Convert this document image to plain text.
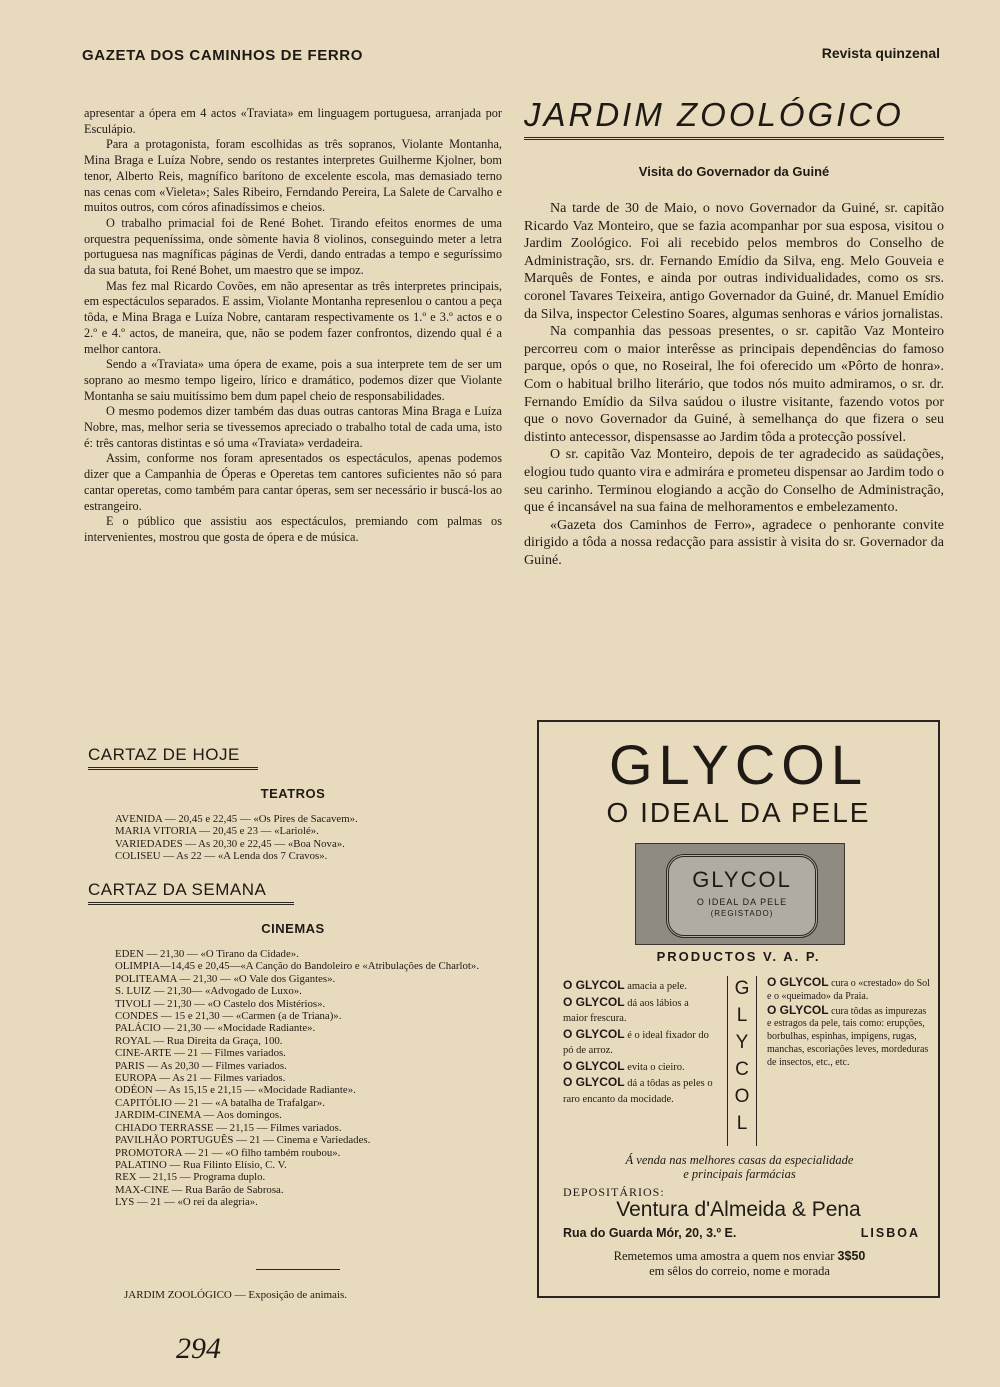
GAZETA DOS CAMINHOS DE FERRO	Revista quinzenal

apresentar a ópera em 4 actos «Traviata» em linguagem portuguesa, arranjada por Esculápio.

Para a protagonista, foram escolhidas as três sopranos, Violante Montanha, Mina Braga e Luíza Nobre, sendo os restantes interpretes Guilherme Kjolner, bom tenor, Alberto Reis, magnífico barítono de excelente escola, mas demasiado terno nas cenas com «Vieleta»; Sales Ribeiro, Ferndando Pereira, La Salete de Carvalho e muitos outros, com córos afinadíssimos e cheios.

O trabalho primacial foi de René Bohet. Tirando efeitos enormes de uma orquestra pequeníssima, onde sòmente havia 8 violinos, conseguindo meter a letra portuguesa nas magníficas páginas de Verdi, dando entradas a tempo e seguríssimo da sua batuta, foi René Bohet, um maestro que se impoz.

Mas fez mal Ricardo Covões, em não apresentar as três interpretes principais, em espectáculos separados. E assim, Violante Montanha represenlou o cantou a peça tôda, e Mina Braga e Luíza Nobre, cantaram respectivamente os 1.º e 3.º actos e o 2.º e 4.º actos, de maneira, que, não se podem fazer confrontos, dizendo qual é a melhor cantora.

Sendo a «Traviata» uma ópera de exame, pois a sua interprete tem de ser um soprano ao mesmo tempo ligeiro, lírico e dramático, podemos dizer que Violante Montanha se saiu muitíssimo bem dum papel cheio de responsabilidades.

O mesmo podemos dizer também das duas outras cantoras Mina Braga e Luíza Nobre, mas, melhor seria se tivessemos apreciado o trabalho total de cada uma, isto é: três cantoras distintas e só uma «Traviata» verdadeira.

Assim, conforme nos foram apresentados os espectáculos, apenas podemos dizer que a Campanhia de Óperas e Operetas tem cantores suficientes não só para cantar operetas, como também para cantar óperas, sem ser necessário ir buscá-los ao estrangeiro.

E o público que assistiu aos espectáculos, premiando com palmas os intervenientes, mostrou que gosta de ópera e de música.

CARTAZ DE HOJE
TEATROS
AVENIDA — 20,45 e 22,45 — «Os Pires de Sacavem».
MARIA VITORIA — 20,45 e 23 — «Lariolé».
VARIEDADES — As 20,30 e 22,45 — «Boa Nova».
COLISEU — As 22 — «A Lenda dos 7 Cravos».
CARTAZ DA SEMANA
CINEMAS
EDEN — 21,30 — «O Tirano da Cidade».
OLIMPIA—14,45 e 20,45—«A Canção do Bandoleiro e «Atribulações de Charlot».
POLITEAMA — 21,30 — «O Vale dos Gigantes».
S. LUIZ — 21,30— «Advogado de Luxo».
TIVOLI — 21,30 — «O Castelo dos Mistérios».
CONDES — 15 e 21,30 — «Carmen (a de Triana)».
PALÁCIO — 21,30 — «Mocidade Radiante».
ROYAL — Rua Direita da Graça, 100.
CINE-ARTE — 21 — Filmes variados.
PARIS — As 20,30 — Filmes variados.
EUROPA — As 21 — Filmes variados.
ODÉON — As 15,15 e 21,15 — «Mocidade Radiante».
CAPITÓLIO — 21 — «A batalha de Trafalgar».
JARDIM-CINEMA — Aos domingos.
CHIADO TERRASSE — 21,15 — Filmes variados.
PAVILHÃO PORTUGUÊS — 21 — Cinema e Variedades.
PROMOTORA — 21 — «O filho também roubou».
PALATINO — Rua Filinto Elísio, C. V.
REX — 21,15 — Programa duplo.
MAX-CINE — Rua Barão de Sabrosa.
LYS — 21 — «O rei da alegria».
JARDIM ZOOLÓGICO — Exposição de animais.
294
JARDIM ZOOLÓGICO
Visita do Governador da Guiné

Na tarde de 30 de Maio, o novo Governador da Guiné, sr. capitão Ricardo Vaz Monteiro, que se fazia acompanhar por sua esposa, visitou o Jardim Zoológico. Foi ali recebido pelos membros do Conselho de Administração, srs. dr. Fernando Emídio da Silva, eng. Melo Gouveia e Marquês de Fontes, e ainda por outras individualidades, como os srs. coronel Tavares Teixeira, antigo Governador da Guiné, dr. Manuel Emídio da Silva, inspector Celestino Soares, algumas senhoras e vários jornalistas.

Na companhia das pessoas presentes, o sr. capitão Vaz Monteiro percorreu com o maior interêsse as principais dependências do famoso parque, opós o que, no Roseiral, lhe foi oferecido um «Pôrto de honra». Com o habitual brilho literário, que todos nós muito admiramos, o sr. dr. Fernando Emídio da Silva saúdou o ilustre visitante, fazendo votos por que o novo Governador da Guiné, à semelhança do que fizera o seu distinto antecessor, dispensasse ao Jardim tôda a protecção possível.

O sr. capitão Vaz Monteiro, depois de ter agradecido as saüdações, elogiou tudo quanto vira e admirára e prometeu dispensar ao Jardim todo o seu carinho. Terminou elogiando a acção do Conselho de Administração, que é incansável na sua faina de melhoramentos e embelezamento.

«Gazeta dos Caminhos de Ferro», agradece o penhorante convite dirigido a tôda a nossa redacção para assistir à visita do sr. Governador da Guiné.

GLYCOL
O IDEAL DA PELE
GLYCOL
O IDEAL DA PELE
(REGISTADO)
PRODUCTOS V. A. P.
O GLYCOL amacia a pele.
O GLYCOL dá aos lábios a maior frescura.
O GLYCOL é o ideal fixador do pó de arroz.
O GLYCOL evita o cieiro.
O GLYCOL dá a tôdas as peles o raro encanto da mocidade.
G
L
Y
C
O
L
O GLYCOL cura o «crestado» do Sol e o «queimado» da Praia.
O GLYCOL cura tôdas as impurezas e estragos da pele, tais como: erupções, borbulhas, espinhas, impigens, rugas, manchas, escoriações leves, mordeduras de insectos, etc., etc.
Á venda nas melhores casas da especialidade
e principais farmácias
DEPOSITÁRIOS:
Ventura d'Almeida & Pena
Rua do Guarda Mór, 20, 3.º E.	LISBOA
Remetemos uma amostra a quem nos enviar 3$50
em sêlos do correio, nome e morada
